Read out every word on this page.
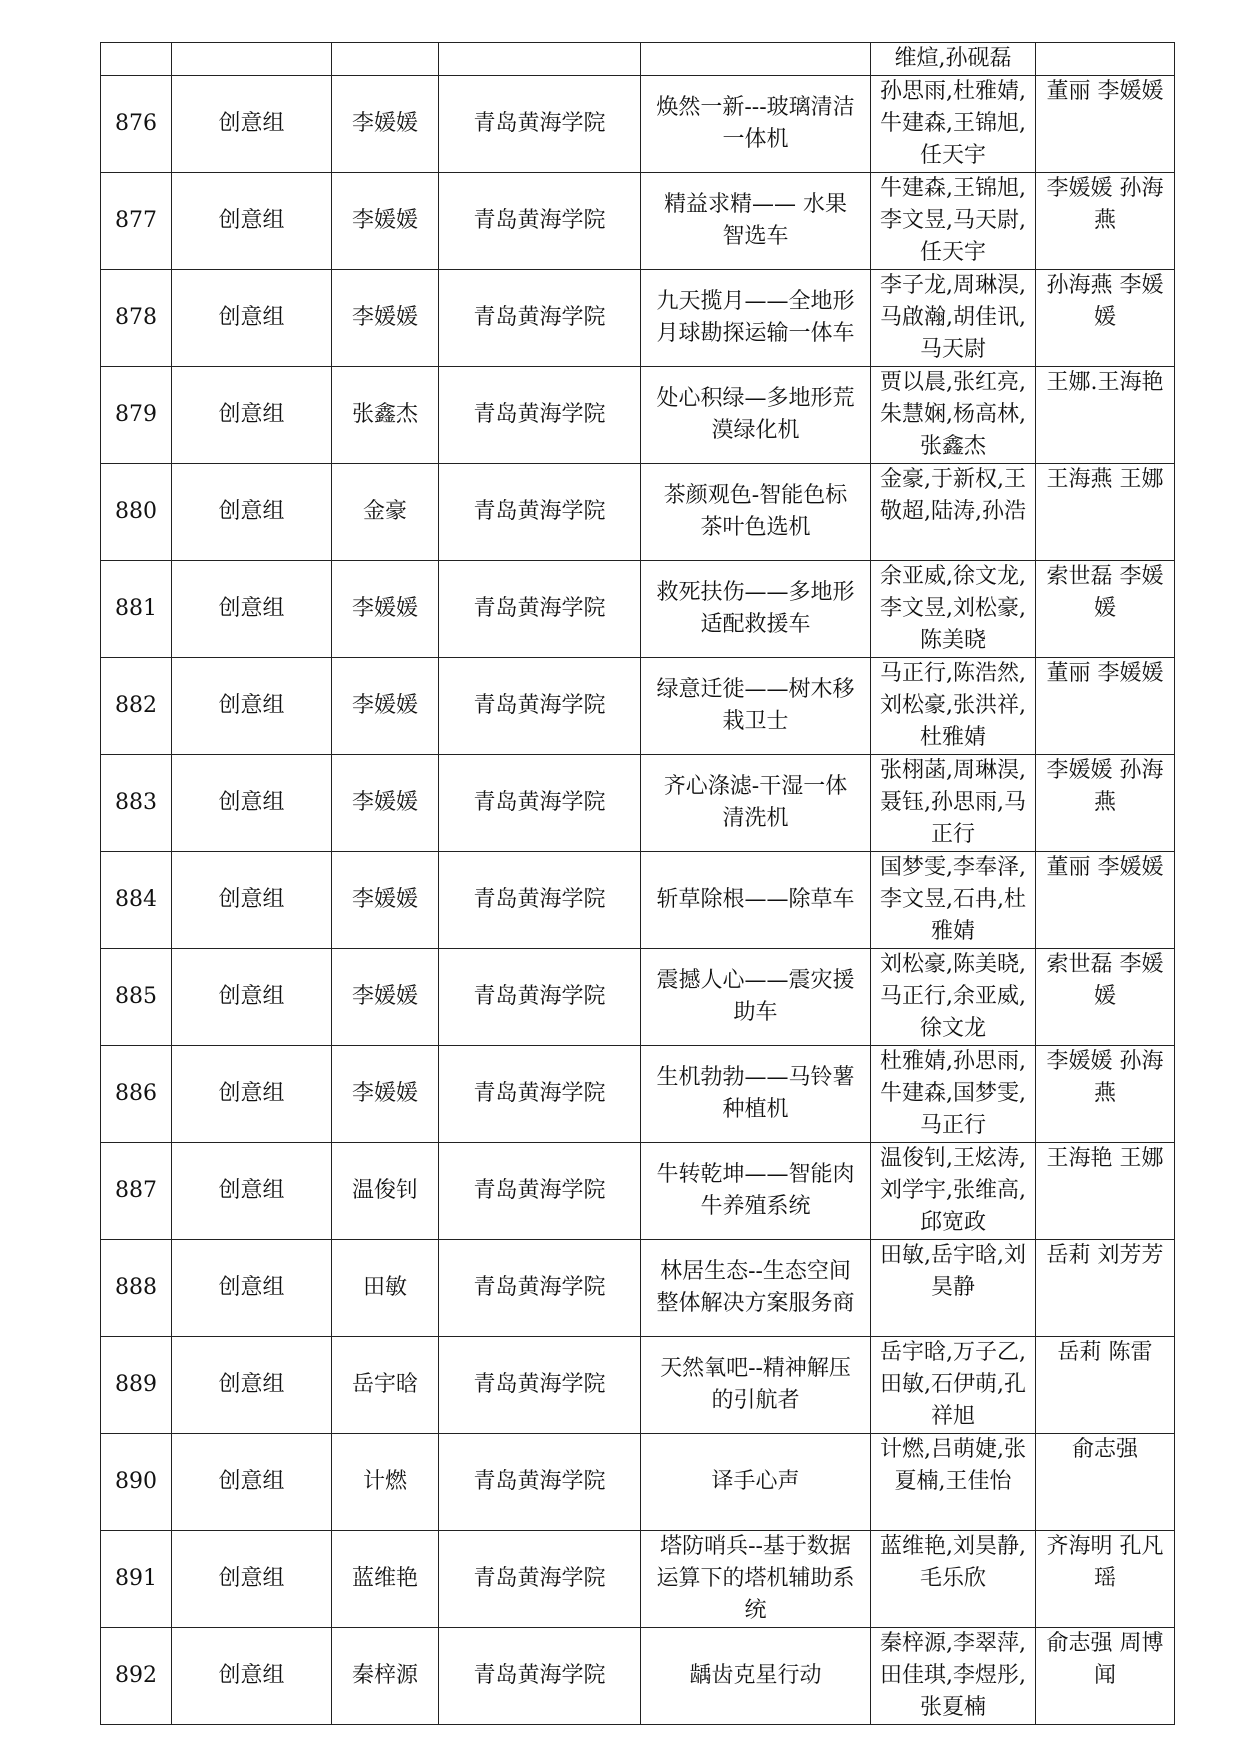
					维煊,孙砚磊	
876	创意组	李媛媛	青岛黄海学院	焕然一新---玻璃清洁一体机	孙思雨,杜雅婧,牛建森,王锦旭,任天宇	董丽 李媛媛
877	创意组	李媛媛	青岛黄海学院	精益求精—— 水果智选车	牛建森,王锦旭,李文昱,马天尉,任天宇	李媛媛 孙海燕
878	创意组	李媛媛	青岛黄海学院	九天揽月——全地形月球勘探运输一体车	李子龙,周琳淏,马啟瀚,胡佳讯,马天尉	孙海燕 李媛媛
879	创意组	张鑫杰	青岛黄海学院	处心积绿—多地形荒漠绿化机	贾以晨,张红亮,朱慧娴,杨高林,张鑫杰	王娜.王海艳
880	创意组	金豪	青岛黄海学院	茶颜观色-智能色标茶叶色选机	金豪,于新权,王敬超,陆涛,孙浩	王海燕 王娜
881	创意组	李媛媛	青岛黄海学院	救死扶伤——多地形适配救援车	余亚威,徐文龙,李文昱,刘松豪,陈美晓	索世磊 李媛媛
882	创意组	李媛媛	青岛黄海学院	绿意迁徙——树木移栽卫士	马正行,陈浩然,刘松豪,张洪祥,杜雅婧	董丽 李媛媛
883	创意组	李媛媛	青岛黄海学院	齐心涤滤-干湿一体清洗机	张栩菡,周琳淏,聂钰,孙思雨,马正行	李媛媛 孙海燕
884	创意组	李媛媛	青岛黄海学院	斩草除根——除草车	国梦雯,李奉泽,李文昱,石冉,杜雅婧	董丽 李媛媛
885	创意组	李媛媛	青岛黄海学院	震撼人心——震灾援助车	刘松豪,陈美晓,马正行,余亚威,徐文龙	索世磊 李媛媛
886	创意组	李媛媛	青岛黄海学院	生机勃勃——马铃薯种植机	杜雅婧,孙思雨,牛建森,国梦雯,马正行	李媛媛 孙海燕
887	创意组	温俊钊	青岛黄海学院	牛转乾坤——智能肉牛养殖系统	温俊钊,王炫涛,刘学宇,张维高,邱宽政	王海艳 王娜
888	创意组	田敏	青岛黄海学院	林居生态--生态空间整体解决方案服务商	田敏,岳宇晗,刘昊静	岳莉 刘芳芳
889	创意组	岳宇晗	青岛黄海学院	天然氧吧--精神解压的引航者	岳宇晗,万子乙,田敏,石伊萌,孔祥旭	岳莉 陈雷
890	创意组	计燃	青岛黄海学院	译手心声	计燃,吕萌婕,张夏楠,王佳怡	俞志强
891	创意组	蓝维艳	青岛黄海学院	塔防哨兵--基于数据运算下的塔机辅助系统	蓝维艳,刘昊静,毛乐欣	齐海明 孔凡瑶
892	创意组	秦梓源	青岛黄海学院	龋齿克星行动	秦梓源,李翠萍,田佳琪,李煜彤,张夏楠	俞志强 周博闻
